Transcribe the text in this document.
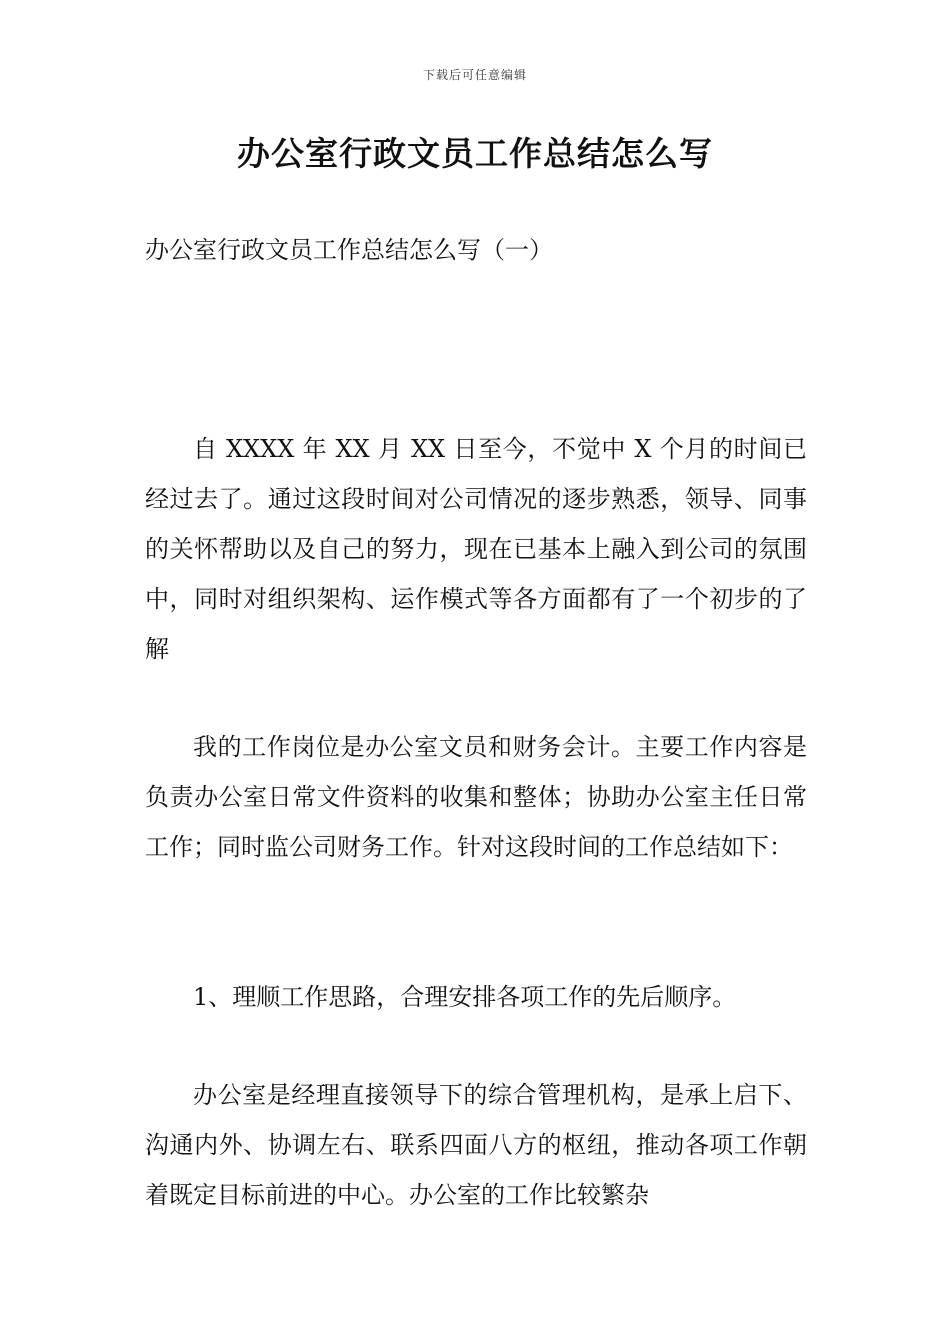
下载后可任意编辑
办公室行政文员工作总结怎么写
办公室行政文员工作总结怎么写（一）

自 XXXX 年 XX 月 XX 日至今，不觉中 X 个月的时间已经过去了。通过这段时间对公司情况的逐步熟悉，领导、同事的关怀帮助以及自己的努力，现在已基本上融入到公司的氛围中，同时对组织架构、运作模式等各方面都有了一个初步的了解

我的工作岗位是办公室文员和财务会计。主要工作内容是负责办公室日常文件资料的收集和整体；协助办公室主任日常工作；同时监公司财务工作。针对这段时间的工作总结如下：

1、理顺工作思路，合理安排各项工作的先后顺序。

办公室是经理直接领导下的综合管理机构，是承上启下、沟通内外、协调左右、联系四面八方的枢纽，推动各项工作朝着既定目标前进的中心。办公室的工作比较繁杂
